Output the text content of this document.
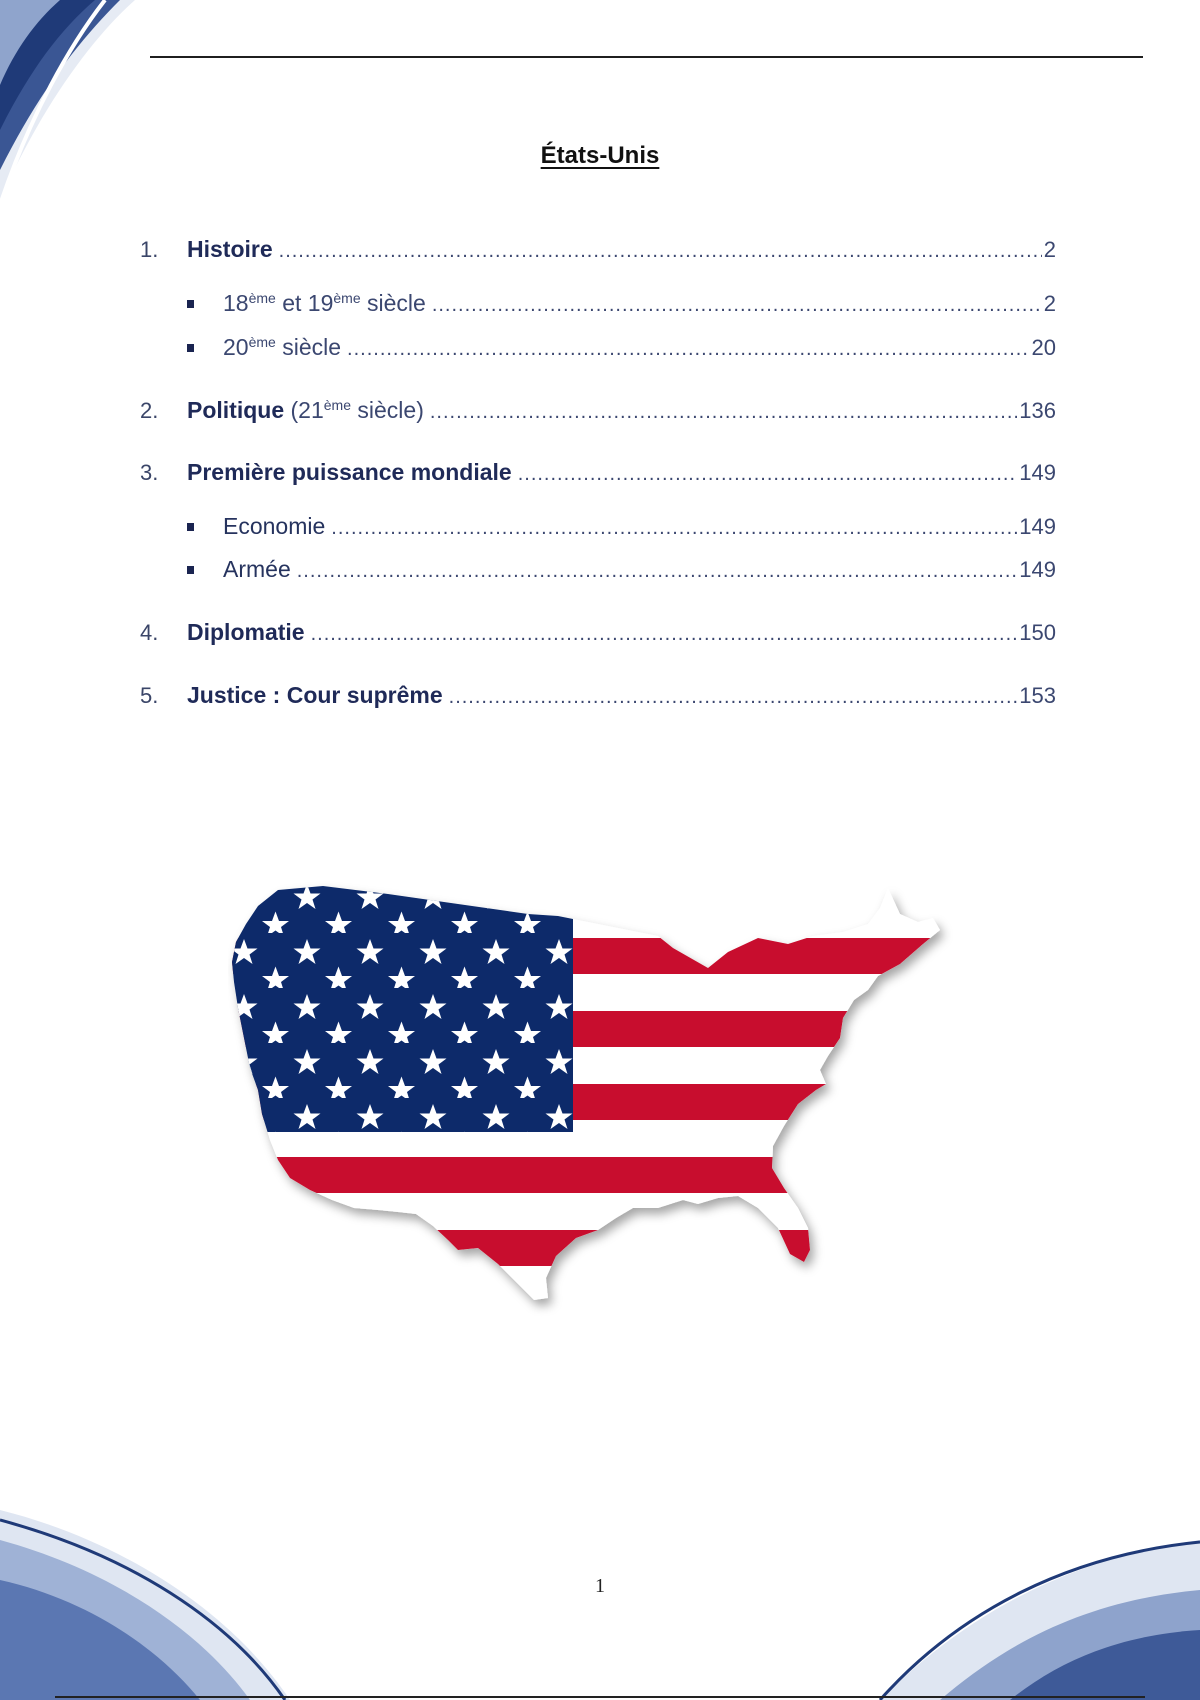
États-Unis
1.	Histoire .....	2
18ème et 19ème siècle .....	2
20ème siècle .....	20
2.	Politique (21ème siècle) .....	136
3.	Première puissance mondiale .....	149
Economie .....	149
Armée .....	149
4.	Diplomatie .....	150
5.	Justice : Cour suprême .....	153
1
